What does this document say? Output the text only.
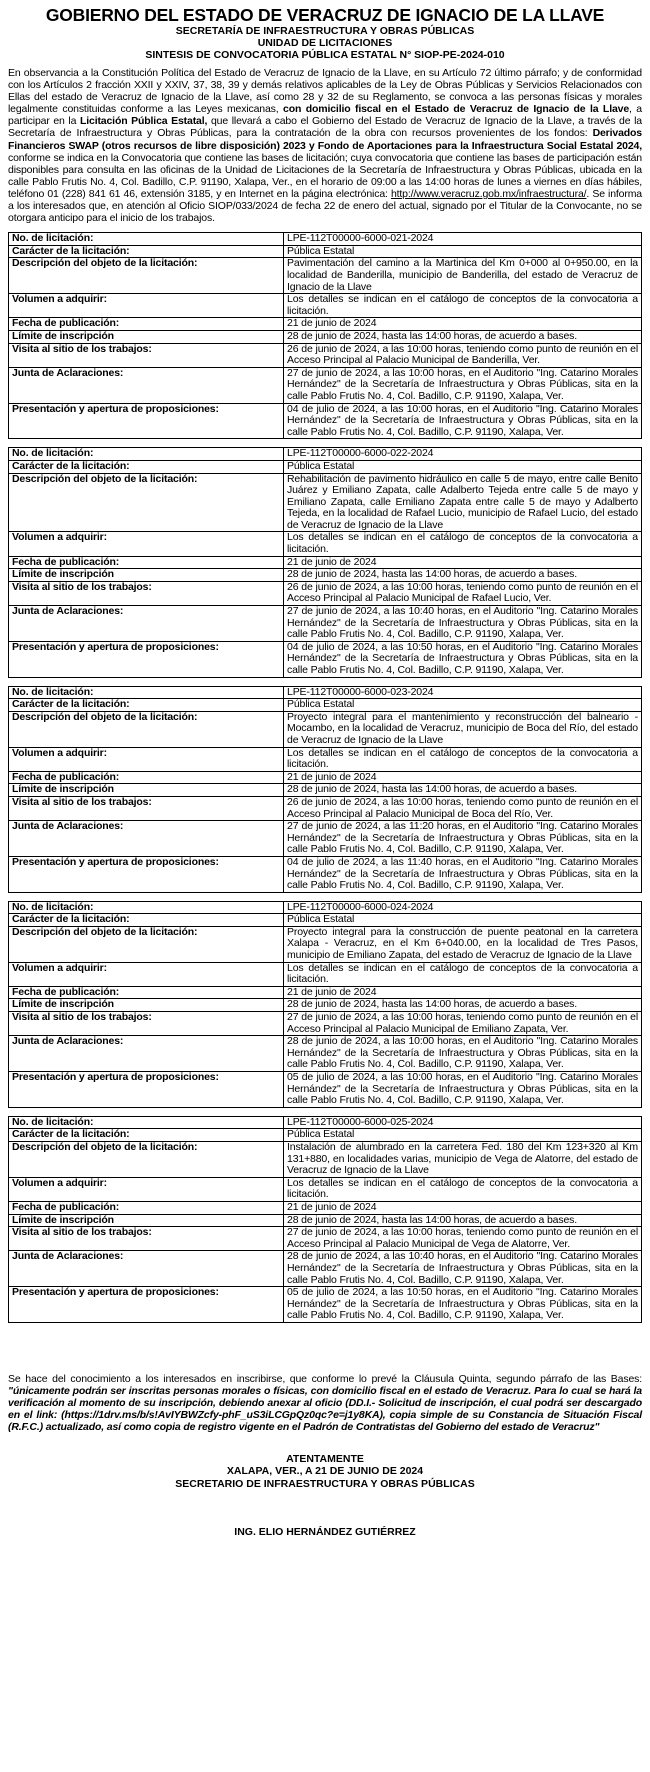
GOBIERNO DEL ESTADO DE VERACRUZ DE IGNACIO DE LA LLAVE
SECRETARÍA DE INFRAESTRUCTURA Y OBRAS PÚBLICAS
UNIDAD DE LICITACIONES
SINTESIS DE CONVOCATORIA PÚBLICA ESTATAL N° SIOP-PE-2024-010
En observancia a la Constitución Política del Estado de Veracruz de Ignacio de la Llave, en su Artículo 72 último párrafo; y de conformidad con los Artículos 2 fracción XXII y XXIV, 37, 38, 39 y demás relativos aplicables de la Ley de Obras Públicas y Servicios Relacionados con Ellas del estado de Veracruz de Ignacio de la Llave, así como 28 y 32 de su Reglamento, se convoca a las personas físicas y morales legalmente constituidas conforme a las Leyes mexicanas, con domicilio fiscal en el Estado de Veracruz de Ignacio de la Llave, a participar en la Licitación Pública Estatal, que llevará a cabo el Gobierno del Estado de Veracruz de Ignacio de la Llave, a través de la Secretaría de Infraestructura y Obras Públicas, para la contratación de la obra con recursos provenientes de los fondos: Derivados Financieros SWAP (otros recursos de libre disposición) 2023 y Fondo de Aportaciones para la Infraestructura Social Estatal 2024, conforme se indica en la Convocatoria que contiene las bases de licitación; cuya convocatoria que contiene las bases de participación están disponibles para consulta en las oficinas de la Unidad de Licitaciones de la Secretaría de Infraestructura y Obras Públicas, ubicada en la calle Pablo Frutis No. 4, Col. Badillo, C.P. 91190, Xalapa, Ver., en el horario de 09:00 a las 14:00 horas de lunes a viernes en días hábiles, teléfono 01 (228) 841 61 46, extensión 3185, y en Internet en la página electrónica: http://www.veracruz.gob.mx/infraestructura/. Se informa a los interesados que, en atención al Oficio SIOP/033/2024 de fecha 22 de enero del actual, signado por el Titular de la Convocante, no se otorgara anticipo para el inicio de los trabajos.
No. de licitación:	LPE-112T00000-6000-021-2024
Carácter de la licitación:	Pública Estatal
Descripción del objeto de la licitación:	Pavimentación del camino a la Martinica del Km 0+000 al 0+950.00, en la localidad de Banderilla, municipio de Banderilla, del estado de Veracruz de Ignacio de la Llave
Volumen a adquirir:	Los detalles se indican en el catálogo de conceptos de la convocatoria a licitación.
Fecha de publicación:	21 de junio de 2024
Límite de inscripción	28 de junio de 2024, hasta las 14:00 horas, de acuerdo a bases.
Visita al sitio de los trabajos:	26 de junio de 2024, a las 10:00 horas, teniendo como punto de reunión en el Acceso Principal al Palacio Municipal de Banderilla, Ver.
Junta de Aclaraciones:	27 de junio de 2024, a las 10:00 horas, en el Auditorio "Ing. Catarino Morales Hernández" de la Secretaría de Infraestructura y Obras Públicas, sita en la calle Pablo Frutis No. 4, Col. Badillo, C.P. 91190, Xalapa, Ver.
Presentación y apertura de proposiciones:	04 de julio de 2024, a las 10:00 horas, en el Auditorio "Ing. Catarino Morales Hernández" de la Secretaría de Infraestructura y Obras Públicas, sita en la calle Pablo Frutis No. 4, Col. Badillo, C.P. 91190, Xalapa, Ver.
No. de licitación:	LPE-112T00000-6000-022-2024
Carácter de la licitación:	Pública Estatal
Descripción del objeto de la licitación:	Rehabilitación de pavimento hidráulico en calle 5 de mayo, entre calle Benito Juárez y Emiliano Zapata, calle Adalberto Tejeda entre calle 5 de mayo y Emiliano Zapata, calle Emiliano Zapata entre calle 5 de mayo y Adalberto Tejeda, en la localidad de Rafael Lucio, municipio de Rafael Lucio, del estado de Veracruz de Ignacio de la Llave
Volumen a adquirir:	Los detalles se indican en el catálogo de conceptos de la convocatoria a licitación.
Fecha de publicación:	21 de junio de 2024
Límite de inscripción	28 de junio de 2024, hasta las 14:00 horas, de acuerdo a bases.
Visita al sitio de los trabajos:	26 de junio de 2024, a las 10:00 horas, teniendo como punto de reunión en el Acceso Principal al Palacio Municipal de Rafael Lucio, Ver.
Junta de Aclaraciones:	27 de junio de 2024, a las 10:40 horas, en el Auditorio "Ing. Catarino Morales Hernández" de la Secretaría de Infraestructura y Obras Públicas, sita en la calle Pablo Frutis No. 4, Col. Badillo, C.P. 91190, Xalapa, Ver.
Presentación y apertura de proposiciones:	04 de julio de 2024, a las 10:50 horas, en el Auditorio "Ing. Catarino Morales Hernández" de la Secretaría de Infraestructura y Obras Públicas, sita en la calle Pablo Frutis No. 4, Col. Badillo, C.P. 91190, Xalapa, Ver.
No. de licitación:	LPE-112T00000-6000-023-2024
Carácter de la licitación:	Pública Estatal
Descripción del objeto de la licitación:	Proyecto integral para el mantenimiento y reconstrucción del balneario - Mocambo, en la localidad de Veracruz, municipio de Boca del Río, del estado de Veracruz de Ignacio de la Llave
Volumen a adquirir:	Los detalles se indican en el catálogo de conceptos de la convocatoria a licitación.
Fecha de publicación:	21 de junio de 2024
Límite de inscripción	28 de junio de 2024, hasta las 14:00 horas, de acuerdo a bases.
Visita al sitio de los trabajos:	26 de junio de 2024, a las 10:00 horas, teniendo como punto de reunión en el Acceso Principal al Palacio Municipal de Boca del Río, Ver.
Junta de Aclaraciones:	27 de junio de 2024, a las 11:20 horas, en el Auditorio "Ing. Catarino Morales Hernández" de la Secretaría de Infraestructura y Obras Públicas, sita en la calle Pablo Frutis No. 4, Col. Badillo, C.P. 91190, Xalapa, Ver.
Presentación y apertura de proposiciones:	04 de julio de 2024, a las 11:40 horas, en el Auditorio "Ing. Catarino Morales Hernández" de la Secretaría de Infraestructura y Obras Públicas, sita en la calle Pablo Frutis No. 4, Col. Badillo, C.P. 91190, Xalapa, Ver.
No. de licitación:	LPE-112T00000-6000-024-2024
Carácter de la licitación:	Pública Estatal
Descripción del objeto de la licitación:	Proyecto integral para la construcción de puente peatonal en la carretera Xalapa - Veracruz, en el Km 6+040.00, en la localidad de Tres Pasos, municipio de Emiliano Zapata, del estado de Veracruz de Ignacio de la Llave
Volumen a adquirir:	Los detalles se indican en el catálogo de conceptos de la convocatoria a licitación.
Fecha de publicación:	21 de junio de 2024
Límite de inscripción	28 de junio de 2024, hasta las 14:00 horas, de acuerdo a bases.
Visita al sitio de los trabajos:	27 de junio de 2024, a las 10:00 horas, teniendo como punto de reunión en el Acceso Principal al Palacio Municipal de Emiliano Zapata, Ver.
Junta de Aclaraciones:	28 de junio de 2024, a las 10:00 horas, en el Auditorio "Ing. Catarino Morales Hernández" de la Secretaría de Infraestructura y Obras Públicas, sita en la calle Pablo Frutis No. 4, Col. Badillo, C.P. 91190, Xalapa, Ver.
Presentación y apertura de proposiciones:	05 de julio de 2024, a las 10:00 horas, en el Auditorio "Ing. Catarino Morales Hernández" de la Secretaría de Infraestructura y Obras Públicas, sita en la calle Pablo Frutis No. 4, Col. Badillo, C.P. 91190, Xalapa, Ver.
No. de licitación:	LPE-112T00000-6000-025-2024
Carácter de la licitación:	Pública Estatal
Descripción del objeto de la licitación:	Instalación de alumbrado en la carretera Fed. 180 del Km 123+320 al Km 131+880, en localidades varias, municipio de Vega de Alatorre, del estado de Veracruz de Ignacio de la Llave
Volumen a adquirir:	Los detalles se indican en el catálogo de conceptos de la convocatoria a licitación.
Fecha de publicación:	21 de junio de 2024
Límite de inscripción	28 de junio de 2024, hasta las 14:00 horas, de acuerdo a bases.
Visita al sitio de los trabajos:	27 de junio de 2024, a las 10:00 horas, teniendo como punto de reunión en el Acceso Principal al Palacio Municipal de Vega de Alatorre, Ver.
Junta de Aclaraciones:	28 de junio de 2024, a las 10:40 horas, en el Auditorio "Ing. Catarino Morales Hernández" de la Secretaría de Infraestructura y Obras Públicas, sita en la calle Pablo Frutis No. 4, Col. Badillo, C.P. 91190, Xalapa, Ver.
Presentación y apertura de proposiciones:	05 de julio de 2024, a las 10:50 horas, en el Auditorio "Ing. Catarino Morales Hernández" de la Secretaría de Infraestructura y Obras Públicas, sita en la calle Pablo Frutis No. 4, Col. Badillo, C.P. 91190, Xalapa, Ver.
Se hace del conocimiento a los interesados en inscribirse, que conforme lo prevé la Cláusula Quinta, segundo párrafo de las Bases: "únicamente podrán ser inscritas personas morales o físicas, con domicilio fiscal en el estado de Veracruz. Para lo cual se hará la verificación al momento de su inscripción, debiendo anexar al oficio (DD.I.- Solicitud de inscripción, el cual podrá ser descargado en el link: (https://1drv.ms/b/s!AvIYBWZcfy-phF_uS3iLCGpQz0qc?e=j1y8KA), copia simple de su Constancia de Situación Fiscal (R.F.C.) actualizado, así como copia de registro vigente en el Padrón de Contratistas del Gobierno del estado de Veracruz"
ATENTAMENTE
XALAPA, VER., A 21 DE JUNIO DE 2024
SECRETARIO DE INFRAESTRUCTURA Y OBRAS PÚBLICAS
ING. ELIO HERNÁNDEZ GUTIÉRREZ
